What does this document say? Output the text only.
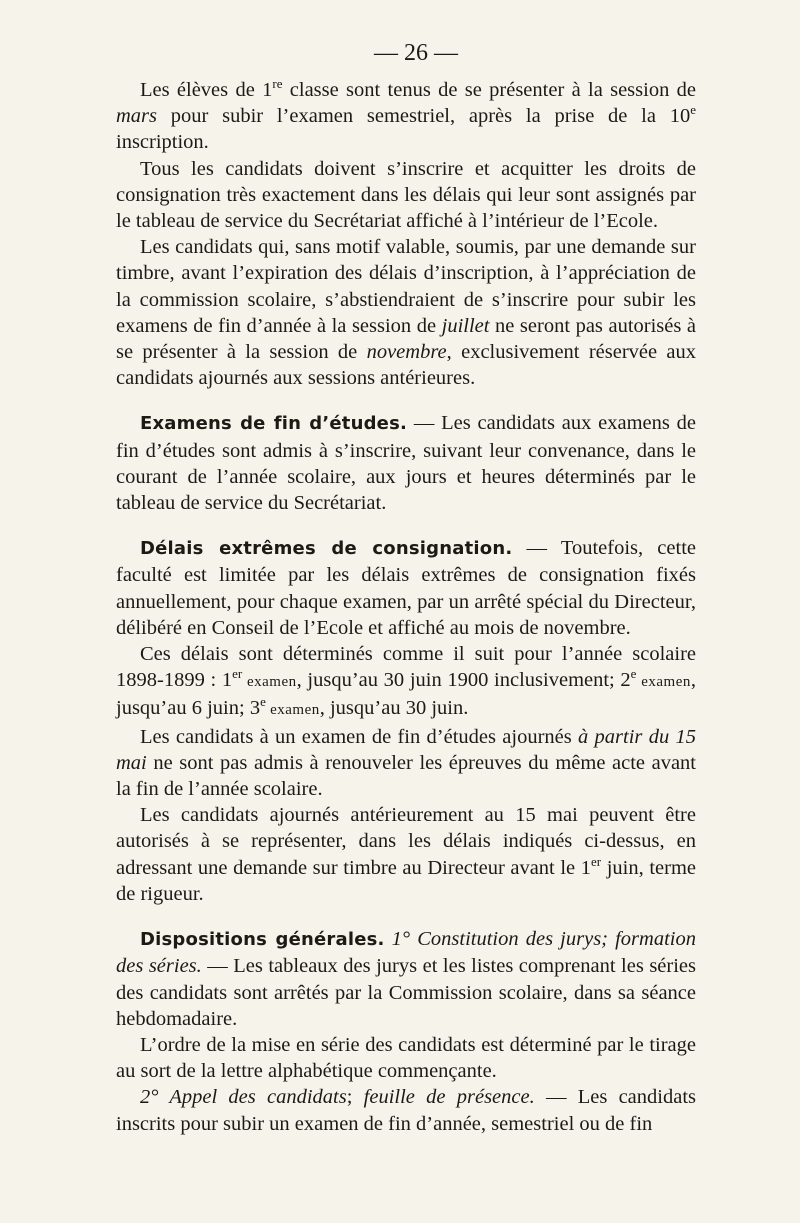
— 26 —

Les élèves de 1re classe sont tenus de se présenter à la session de mars pour subir l’examen semestriel, après la prise de la 10e inscription.

Tous les candidats doivent s’inscrire et acquitter les droits de consignation très exactement dans les délais qui leur sont assignés par le tableau de service du Secrétariat affiché à l’intérieur de l’Ecole.

Les candidats qui, sans motif valable, soumis, par une demande sur timbre, avant l’expiration des délais d’inscription, à l’appréciation de la commission scolaire, s’abstiendraient de s’inscrire pour subir les examens de fin d’année à la session de juillet ne seront pas autorisés à se présenter à la session de novembre, exclusivement réservée aux candidats ajournés aux sessions antérieures.

Examens de fin d’études. — Les candidats aux examens de fin d’études sont admis à s’inscrire, suivant leur convenance, dans le courant de l’année scolaire, aux jours et heures déterminés par le tableau de service du Secrétariat.

Délais extrêmes de consignation. — Toutefois, cette faculté est limitée par les délais extrêmes de consignation fixés annuellement, pour chaque examen, par un arrêté spécial du Directeur, délibéré en Conseil de l’Ecole et affiché au mois de novembre.

Ces délais sont déterminés comme il suit pour l’année scolaire 1898-1899 : 1er examen, jusqu’au 30 juin 1900 inclusivement; 2e examen, jusqu’au 6 juin; 3e examen, jusqu’au 30 juin.

Les candidats à un examen de fin d’études ajournés à partir du 15 mai ne sont pas admis à renouveler les épreuves du même acte avant la fin de l’année scolaire.

Les candidats ajournés antérieurement au 15 mai peuvent être autorisés à se représenter, dans les délais indiqués ci-dessus, en adressant une demande sur timbre au Directeur avant le 1er juin, terme de rigueur.

Dispositions générales. 1° Constitution des jurys; formation des séries. — Les tableaux des jurys et les listes comprenant les séries des candidats sont arrêtés par la Commission scolaire, dans sa séance hebdomadaire.

L’ordre de la mise en série des candidats est déterminé par le tirage au sort de la lettre alphabétique commençante.

2° Appel des candidats; feuille de présence. — Les candidats inscrits pour subir un examen de fin d’année, semestriel ou de fin
